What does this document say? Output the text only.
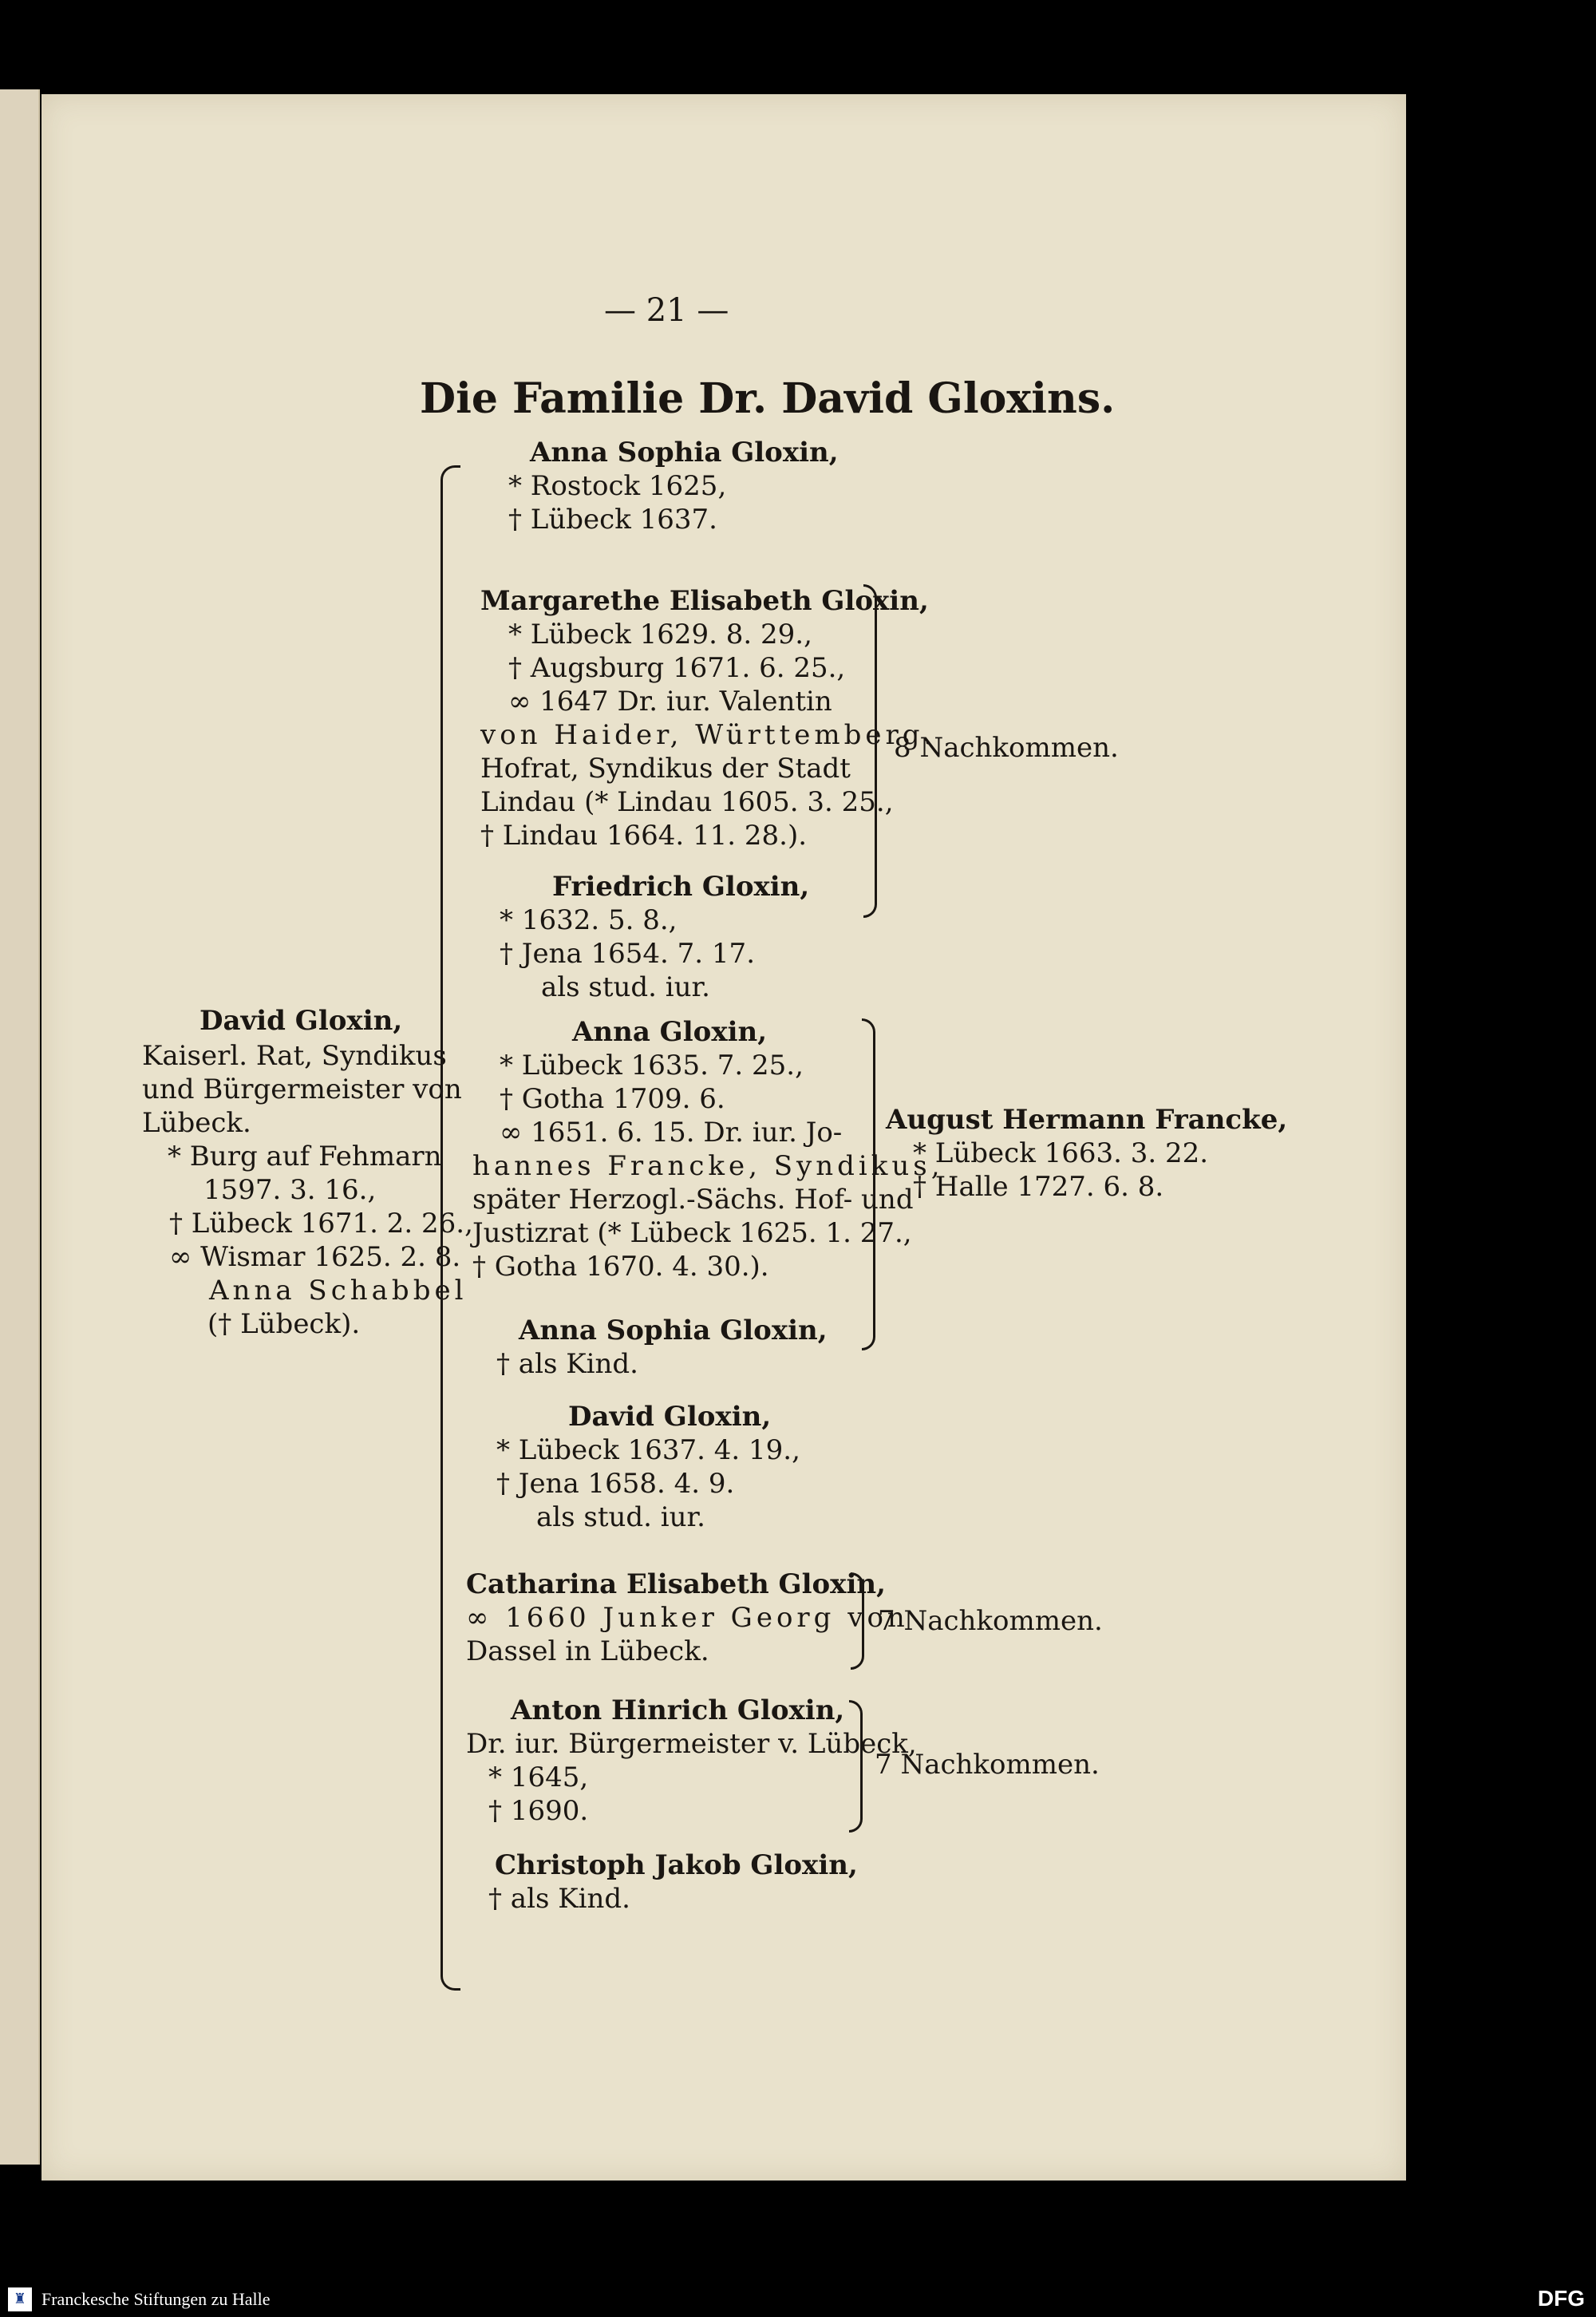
— 21 —
Die Familie Dr. David Gloxins.
David Gloxin,
Kaiserl. Rat, Syndikus
und Bürgermeister von
Lübeck.
* Burg auf Fehmarn
1597. 3. 16.,
† Lübeck 1671. 2. 26.,
∞ Wismar 1625. 2. 8.
Anna Schabbel
(† Lübeck).
Anna Sophia Gloxin,
* Rostock 1625,
† Lübeck 1637.
Margarethe Elisabeth Gloxin,
* Lübeck 1629. 8. 29.,
† Augsburg 1671. 6. 25.,
∞ 1647 Dr. iur. Valentin
von Haider, Württemberg.
Hofrat, Syndikus der Stadt
Lindau (* Lindau 1605. 3. 25.,
† Lindau 1664. 11. 28.).
8 Nachkommen.
Friedrich Gloxin,
* 1632. 5. 8.,
† Jena 1654. 7. 17.
als stud. iur.
Anna Gloxin,
* Lübeck 1635. 7. 25.,
† Gotha 1709. 6.
∞ 1651. 6. 15. Dr. iur. Jo-
hannes Francke, Syndikus,
später Herzogl.-Sächs. Hof- und
Justizrat (* Lübeck 1625. 1. 27.,
† Gotha 1670. 4. 30.).
August Hermann Francke,
* Lübeck 1663. 3. 22.
† Halle 1727. 6. 8.
Anna Sophia Gloxin,
† als Kind.
David Gloxin,
* Lübeck 1637. 4. 19.,
† Jena 1658. 4. 9.
als stud. iur.
Catharina Elisabeth Gloxin,
∞ 1660 Junker Georg von
Dassel in Lübeck.
7 Nachkommen.
Anton Hinrich Gloxin,
Dr. iur. Bürgermeister v. Lübeck,
* 1645,
† 1690.
7 Nachkommen.
Christoph Jakob Gloxin,
† als Kind.
♜ Franckesche Stiftungen zu Halle	DFG
